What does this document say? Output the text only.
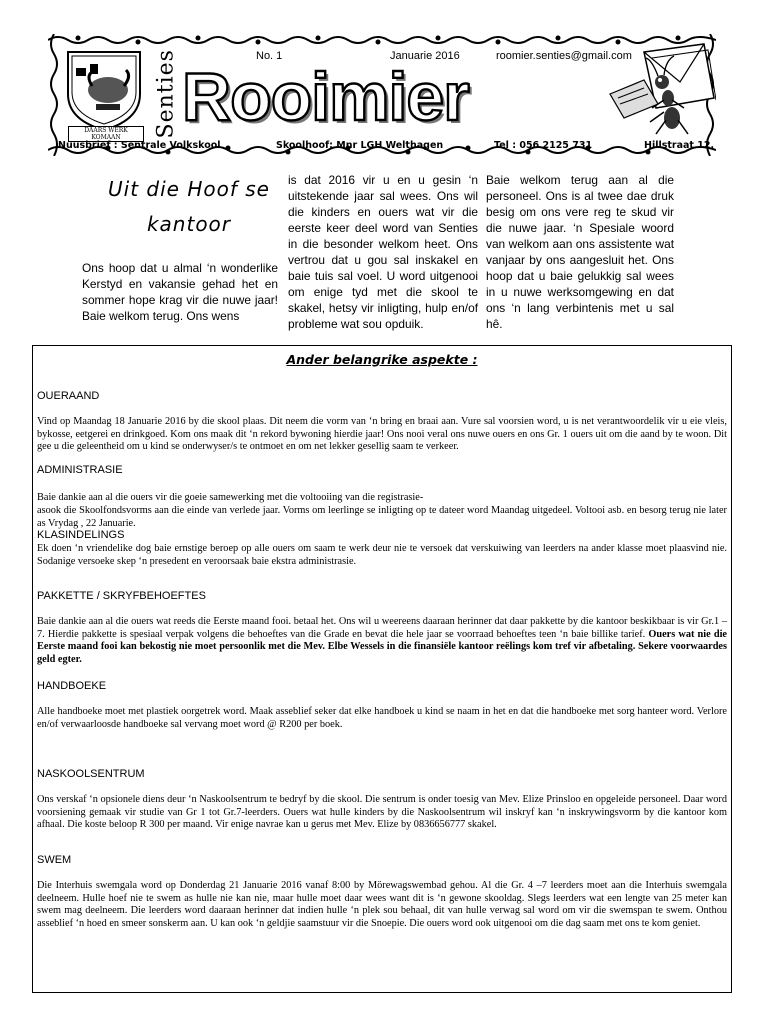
DAARS WERK KOMAAN	Senties	No. 1	Januarie 2016	roomier.senties@gmail.com
Rooimier
Nuusbrief : Sentrale Volkskool	Skoolhoof: Mnr LGH Welthagen	Tel : 056 2125 731	Hillstraat 12,
Uit die Hoof se kantoor
Ons hoop dat u almal ‘n wonderlike Kerstyd en vakansie gehad het en sommer hope krag vir die nuwe jaar! Baie welkom terug. Ons wens
is dat 2016 vir u en u gesin ‘n uitstekende jaar sal wees. Ons wil die kinders en ouers wat vir die eerste keer deel word van Senties in die besonder welkom heet. Ons vertrou dat u gou sal inskakel en baie tuis sal voel. U word uitgenooi om enige tyd met die skool te skakel, hetsy vir inligting, hulp en/of probleme wat sou opduik.
Baie welkom terug aan al die personeel. Ons is al twee dae druk besig om ons vere reg te skud vir die nuwe jaar. ‘n Spesiale woord van welkom aan ons assistente wat vanjaar by ons aangesluit het. Ons hoop dat u baie gelukkig sal wees in u nuwe werksomgewing en dat ons ‘n lang verbintenis met u sal hê.
Ander belangrike aspekte :
OUERAAND
Vind op Maandag 18 Januarie 2016 by die skool plaas. Dit neem die vorm van ‘n bring en braai aan. Vure sal voorsien word, u is net verantwoordelik vir u eie vleis, bykosse, eetgerei en drinkgoed. Kom ons maak dit ‘n rekord bywoning hierdie jaar! Ons nooi veral ons nuwe ouers en ons Gr. 1 ouers uit om die aand by te woon. Dit gee u die geleentheid om u kind se onderwyser/s te ontmoet en om net lekker gesellig saam te verkeer.
ADMINISTRASIE
Baie dankie aan al die ouers vir die goeie samewerking met die voltooiing van die registrasie-
asook die Skoolfondsvorms aan die einde van verlede jaar. Vorms om leerlinge se inligting op te dateer word Maandag uitgedeel. Voltooi asb. en besorg terug nie later as Vrydag , 22 Januarie.
KLASINDELINGS
Ek doen ‘n vriendelike dog baie ernstige beroep op alle ouers om saam te werk deur nie te versoek dat verskuiwing van leerders na ander klasse moet plaasvind nie. Sodanige versoeke skep ‘n presedent en veroorsaak baie ekstra administrasie.
PAKKETTE / SKRYFBEHOEFTES
Baie dankie aan al die ouers wat reeds die Eerste maand fooi. betaal het. Ons wil u weereens daaraan herinner dat daar pakkette by die kantoor beskikbaar is vir Gr.1 – 7. Hierdie pakkette is spesiaal verpak volgens die behoeftes van die Grade en bevat die hele jaar se voorraad behoeftes teen ‘n baie billike tarief. Ouers wat nie die Eerste maand fooi kan bekostig nie moet persoonlik met die Mev. Elbe Wessels in die finansiële kantoor reëlings kom tref vir afbetaling. Sekere voorwaardes geld egter.
HANDBOEKE
Alle handboeke moet met plastiek oorgetrek word. Maak asseblief seker dat elke handboek u kind se naam in het en dat die handboeke met sorg hanteer word. Verlore en/of verwaarloosde handboeke sal vervang moet word @ R200 per boek.
NASKOOLSENTRUM
Ons verskaf ‘n opsionele diens deur ‘n Naskoolsentrum te bedryf by die skool. Die sentrum is onder toesig van Mev. Elize Prinsloo en opgeleide personeel. Daar word voorsiening gemaak vir studie van Gr 1 tot Gr.7-leerders. Ouers wat hulle kinders by die Naskoolsentrum wil inskryf kan ‘n inskrywingsvorm by die kantoor kom afhaal. Die koste beloop R 300 per maand. Vir enige navrae kan u gerus met Mev. Elize by 0836656777 skakel.
SWEM
Die Interhuis swemgala word op Donderdag 21 Januarie 2016 vanaf 8:00 by Mörewagswembad gehou. Al die Gr. 4 –7 leerders moet aan die Interhuis swemgala deelneem. Hulle hoef nie te swem as hulle nie kan nie, maar hulle moet daar wees want dit is ‘n gewone skooldag. Slegs leerders wat een lengte van 25 meter kan swem mag deelneem. Die leerders word daaraan herinner dat indien hulle ‘n plek sou behaal, dit van hulle verwag sal word om vir die swemspan te swem. Onthou asseblief ‘n hoed en smeer sonskerm aan. U kan ook ‘n geldjie saamstuur vir die Snoepie. Die ouers word ook uitgenooi om die dag saam met ons te kom geniet.
